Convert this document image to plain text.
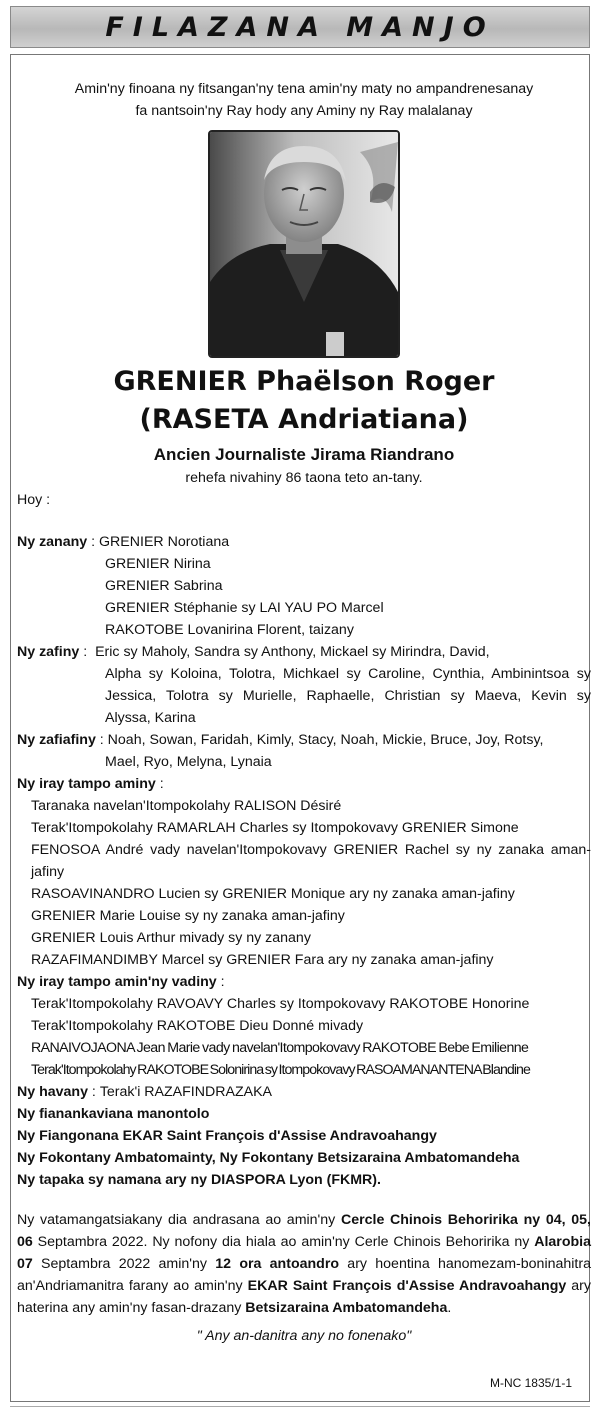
FILAZANA MANJO
Amin'ny finoana ny fitsangan'ny tena amin'ny maty no ampandrenesanay
fa nantsoin'ny Ray hody any Aminy ny Ray malalanay
GRENIER Phaëlson Roger
(RASETA Andriatiana)
Ancien Journaliste Jirama Riandrano
rehefa nivahiny 86 taona teto an-tany.
Hoy :
Ny zanany : GRENIER Norotiana
GRENIER Nirina
GRENIER Sabrina
GRENIER Stéphanie sy LAI YAU PO Marcel
RAKOTOBE Lovanirina Florent, taizany
Ny zafiny : Eric sy Maholy, Sandra sy Anthony, Mickael sy Mirindra, David,
Alpha sy Koloina, Tolotra, Michkael sy Caroline, Cynthia, Ambinintsoa sy
Jessica, Tolotra sy Murielle, Raphaelle, Christian sy Maeva, Kevin sy
Alyssa, Karina
Ny zafiafiny : Noah, Sowan, Faridah, Kimly, Stacy, Noah, Mickie, Bruce, Joy, Rotsy,
Mael, Ryo, Melyna, Lynaia
Ny iray tampo aminy :
Taranaka navelan'Itompokolahy RALISON Désiré
Terak'Itompokolahy RAMARLAH Charles sy Itompokovavy GRENIER Simone
FENOSOA André vady navelan'Itompokovavy GRENIER Rachel sy ny zanaka aman-jafiny
RASOAVINANDRO Lucien sy GRENIER Monique ary ny zanaka aman-jafiny
GRENIER Marie Louise sy ny zanaka aman-jafiny
GRENIER Louis Arthur mivady sy ny zanany
RAZAFIMANDIMBY Marcel sy GRENIER Fara ary ny zanaka aman-jafiny
Ny iray tampo amin'ny vadiny :
Terak'Itompokolahy RAVOAVY Charles sy Itompokovavy RAKOTOBE Honorine
Terak'Itompokolahy RAKOTOBE Dieu Donné mivady
RANAIVOJAONA Jean Marie vady navelan'Itompokovavy RAKOTOBE Bebe Emilienne
Terak'Itompokolahy RAKOTOBE Solonirina sy Itompokovavy RASOAMANANTENA Blandine
Ny havany : Terak'i RAZAFINDRAZAKA
Ny fianankaviana manontolo
Ny Fiangonana EKAR Saint François d'Assise Andravoahangy
Ny Fokontany Ambatomainty, Ny Fokontany Betsizaraina Ambatomandeha
Ny tapaka sy namana ary ny DIASPORA Lyon (FKMR).
Ny vatamangatsiakany dia andrasana ao amin'ny Cercle Chinois Behoririka ny 04, 05, 06 Septambra 2022. Ny nofony dia hiala ao amin'ny Cerle Chinois Behoririka ny Alarobia 07 Septambra 2022 amin'ny 12 ora antoandro ary hoentina hanomezam-boninahitra an'Andriamanitra farany ao amin'ny EKAR Saint François d'Assise Andravoahangy ary haterina any amin'ny fasan-drazany Betsizaraina Ambatomandeha.
" Any an-danitra any no fonenako"
M-NC 1835/1-1
